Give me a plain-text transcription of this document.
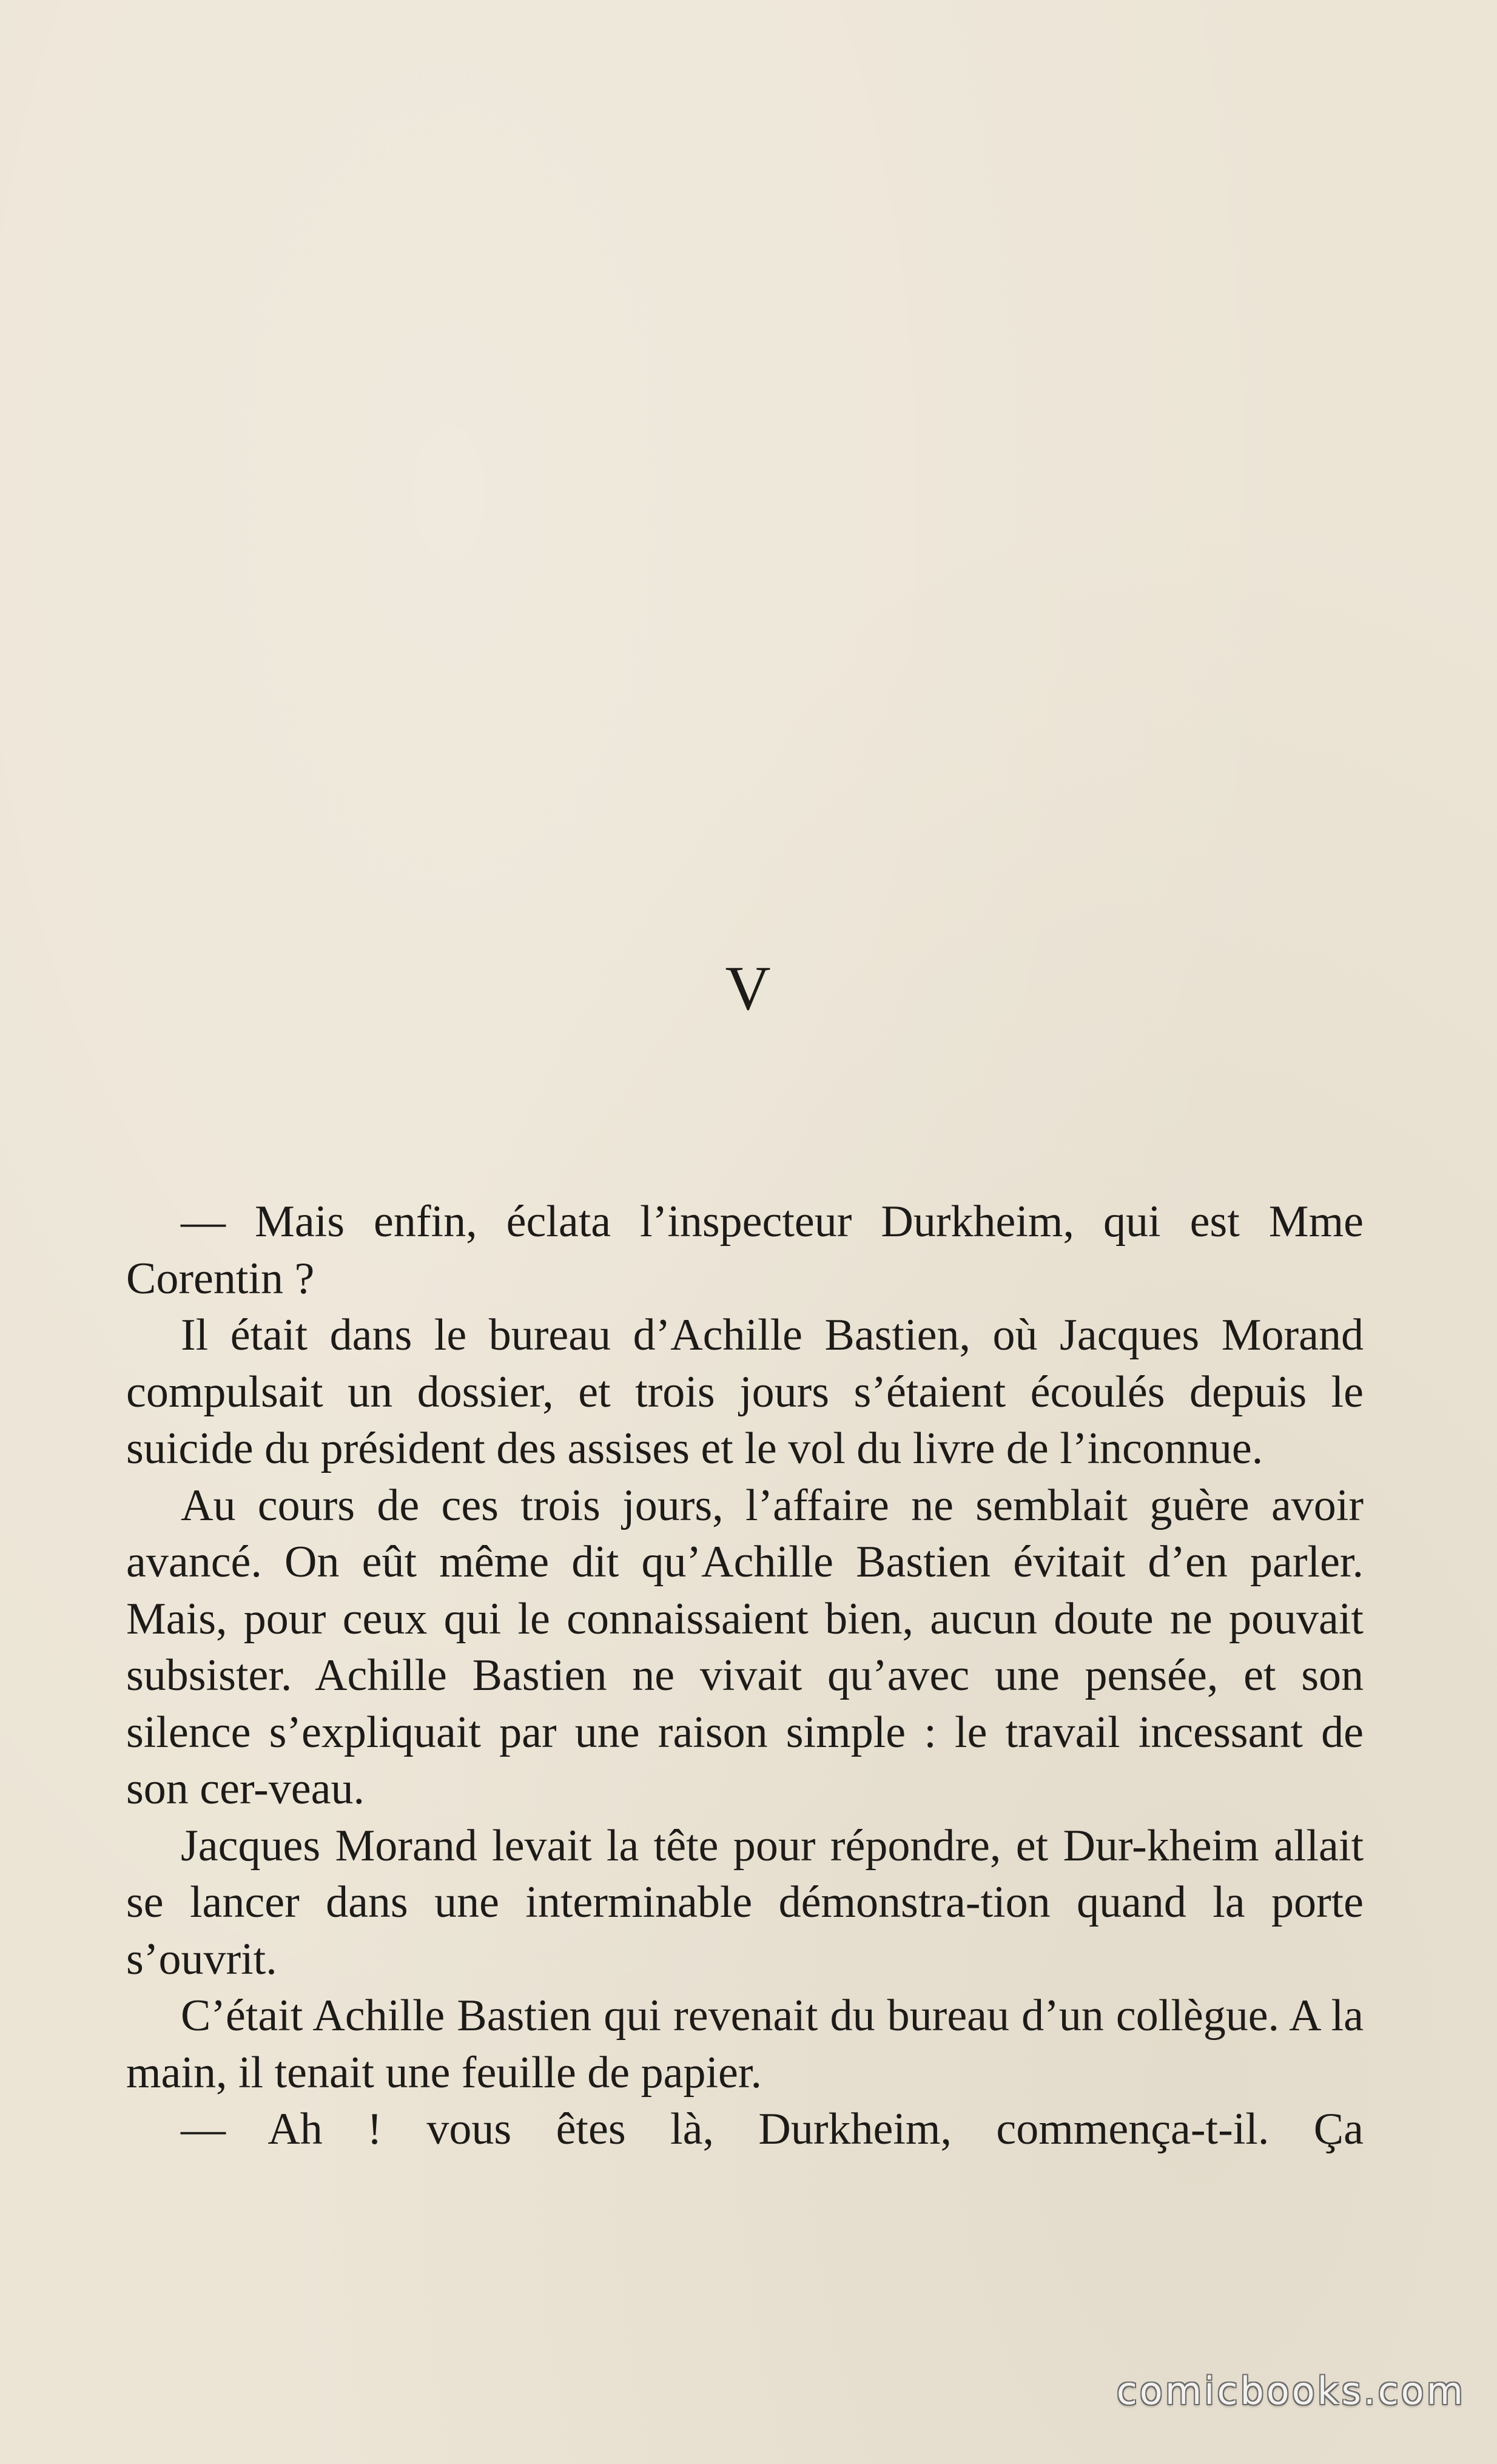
V

— Mais enfin, éclata l’inspecteur Durkheim, qui est Mme Corentin ?

Il était dans le bureau d’Achille Bastien, où Jacques Morand compulsait un dossier, et trois jours s’étaient écoulés depuis le suicide du président des assises et le vol du livre de l’inconnue.

Au cours de ces trois jours, l’affaire ne semblait guère avoir avancé. On eût même dit qu’Achille Bastien évitait d’en parler. Mais, pour ceux qui le connaissaient bien, aucun doute ne pouvait subsister. Achille Bastien ne vivait qu’avec une pensée, et son silence s’expliquait par une raison simple : le travail incessant de son cer-veau.

Jacques Morand levait la tête pour répondre, et Dur-kheim allait se lancer dans une interminable démonstra-tion quand la porte s’ouvrit.

C’était Achille Bastien qui revenait du bureau d’un collègue. A la main, il tenait une feuille de papier.

— Ah ! vous êtes là, Durkheim, commença-t-il. Ça

comicbooks.com
